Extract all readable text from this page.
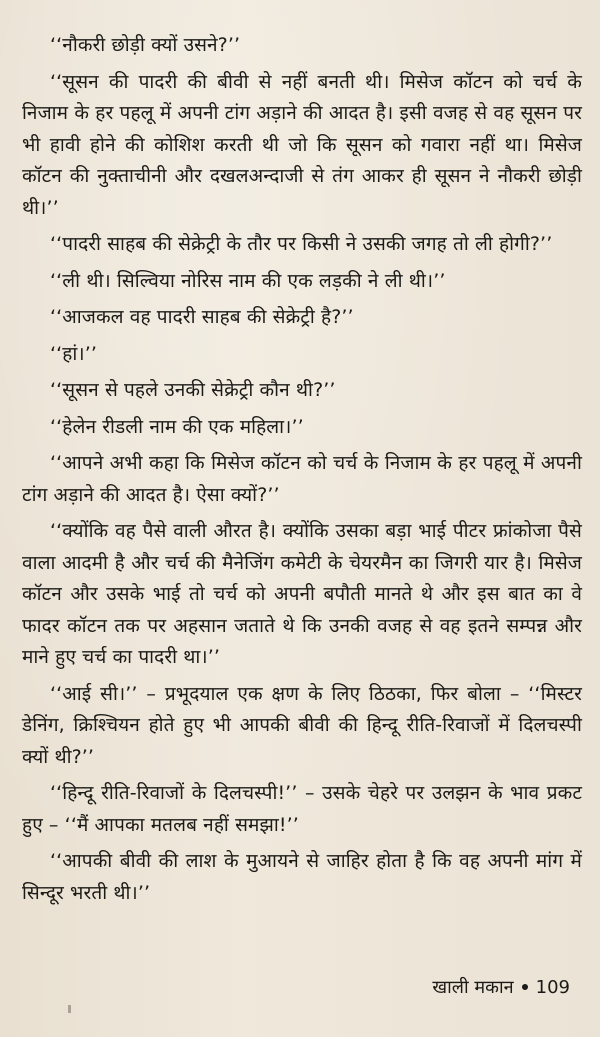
‘‘नौकरी छोड़ी क्यों उसने?’’

‘‘सूसन की पादरी की बीवी से नहीं बनती थी। मिसेज कॉटन को चर्च के निजाम के हर पहलू में अपनी टांग अड़ाने की आदत है। इसी वजह से वह सूसन पर भी हावी होने की कोशिश करती थी जो कि सूसन को गवारा नहीं था। मिसेज कॉटन की नुक्ताचीनी और दखलअन्दाजी से तंग आकर ही सूसन ने नौकरी छोड़ी थी।’’

‘‘पादरी साहब की सेक्रेट्री के तौर पर किसी ने उसकी जगह तो ली होगी?’’

‘‘ली थी। सिल्विया नोरिस नाम की एक लड़की ने ली थी।’’

‘‘आजकल वह पादरी साहब की सेक्रेट्री है?’’

‘‘हां।’’

‘‘सूसन से पहले उनकी सेक्रेट्री कौन थी?’’

‘‘हेलेन रीडली नाम की एक महिला।’’

‘‘आपने अभी कहा कि मिसेज कॉटन को चर्च के निजाम के हर पहलू में अपनी टांग अड़ाने की आदत है। ऐसा क्यों?’’

‘‘क्योंकि वह पैसे वाली औरत है। क्योंकि उसका बड़ा भाई पीटर फ्रांकोजा पैसे वाला आदमी है और चर्च की मैनेजिंग कमेटी के चेयरमैन का जिगरी यार है। मिसेज कॉटन और उसके भाई तो चर्च को अपनी बपौती मानते थे और इस बात का वे फादर कॉटन तक पर अहसान जताते थे कि उनकी वजह से वह इतने सम्पन्न और माने हुए चर्च का पादरी था।’’

‘‘आई सी।’’ – प्रभूदयाल एक क्षण के लिए ठिठका, फिर बोला – ‘‘मिस्टर डेनिंग, क्रिश्चियन होते हुए भी आपकी बीवी की हिन्दू रीति-रिवाजों में दिलचस्पी क्यों थी?’’

‘‘हिन्दू रीति-रिवाजों के दिलचस्पी!’’ – उसके चेहरे पर उलझन के भाव प्रकट हुए – ‘‘मैं आपका मतलब नहीं समझा!’’

‘‘आपकी बीवी की लाश के मुआयने से जाहिर होता है कि वह अपनी मांग में सिन्दूर भरती थी।’’

खाली मकान 109
